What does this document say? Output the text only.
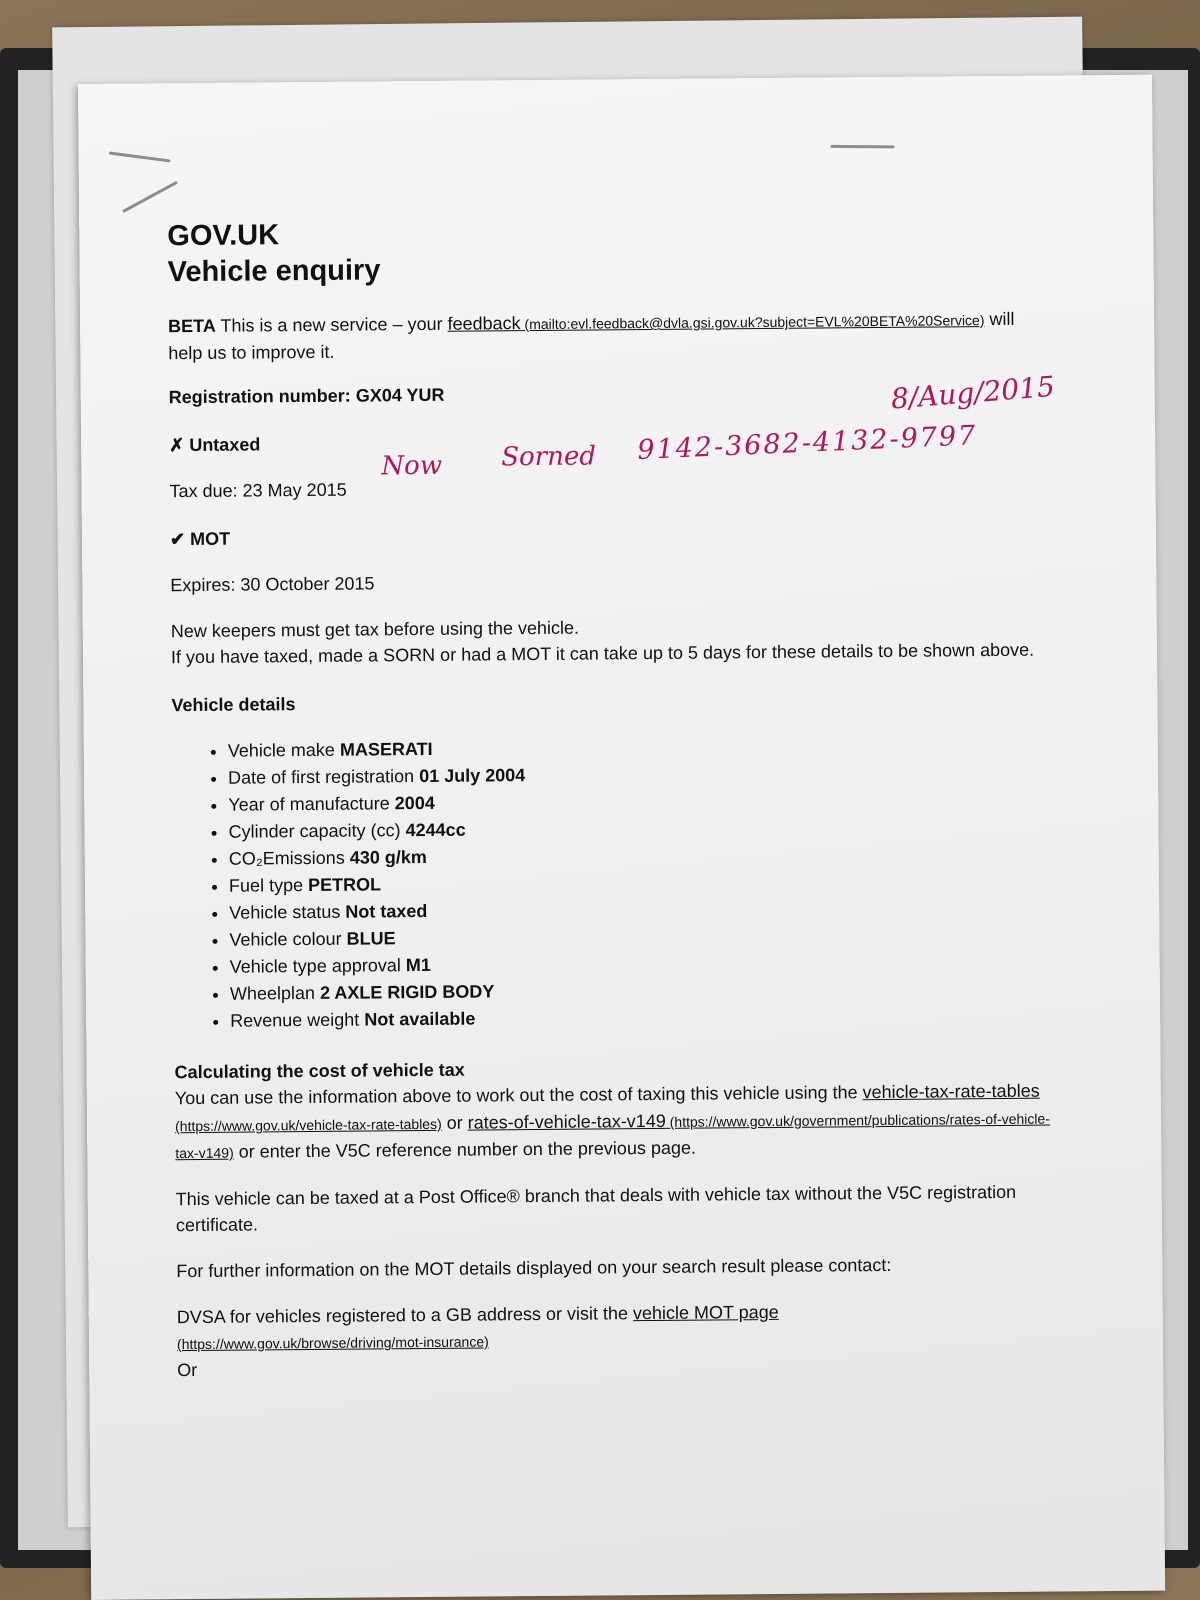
GOV.UK

Vehicle enquiry

BETA This is a new service – your feedback (mailto:evl.feedback@dvla.gsi.gov.uk?subject=EVL%20BETA%20Service) will help us to improve it.

Registration number: GX04 YUR

✗ Untaxed

Tax due: 23 May 2015

✔ MOT

Expires: 30 October 2015

New keepers must get tax before using the vehicle.

If you have taxed, made a SORN or had a MOT it can take up to 5 days for these details to be shown above.

Vehicle details

• Vehicle make MASERATI
• Date of first registration 01 July 2004
• Year of manufacture 2004
• Cylinder capacity (cc) 4244cc
• CO₂Emissions 430 g/km
• Fuel type PETROL
• Vehicle status Not taxed
• Vehicle colour BLUE
• Vehicle type approval M1
• Wheelplan 2 AXLE RIGID BODY
• Revenue weight Not available

Calculating the cost of vehicle tax

You can use the information above to work out the cost of taxing this vehicle using the vehicle-tax-rate-tables (https://www.gov.uk/vehicle-tax-rate-tables) or rates-of-vehicle-tax-v149 (https://www.gov.uk/government/publications/rates-of-vehicle-tax-v149) or enter the V5C reference number on the previous page.

This vehicle can be taxed at a Post Office® branch that deals with vehicle tax without the V5C registration certificate.

For further information on the MOT details displayed on your search result please contact:

DVSA for vehicles registered to a GB address or visit the vehicle MOT page

(https://www.gov.uk/browse/driving/mot-insurance)

Or

8/Aug/2015
Now Sorned 9142-3682-4132-9797
